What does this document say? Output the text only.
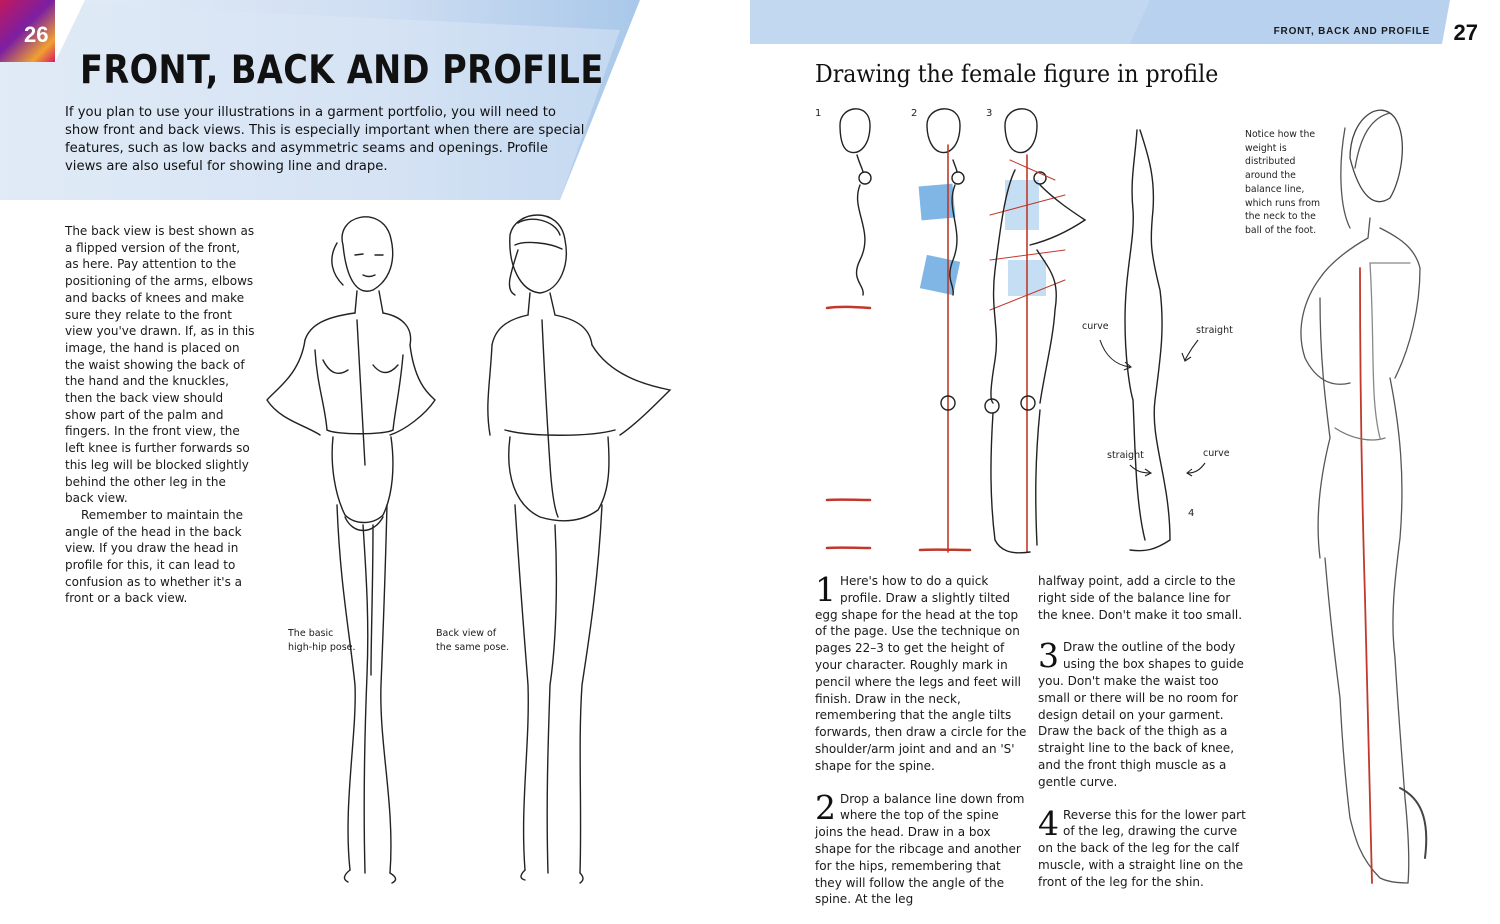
26
FRONT, BACK AND PROFILE
If you plan to use your illustrations in a garment portfolio, you will need to show front and back views. This is especially important when there are special features, such as low backs and asymmetric seams and openings. Profile views are also useful for showing line and drape.
FRONT, BACK AND PROFILE 27

The back view is best shown as a flipped version of the front, as here. Pay attention to the positioning of the arms, elbows and backs of knees and make sure they relate to the front view you've drawn. If, as in this image, the hand is placed on the waist showing the back of the hand and the knuckles, then the back view should show part of the palm and fingers. In the front view, the left knee is further forwards so this leg will be blocked slightly behind the other leg in the back view.

Remember to maintain the angle of the head in the back view. If you draw the head in profile for this, it can lead to confusion as to whether it's a front or a back view.

The basic
high-hip pose.
Back view of
the same pose.
Drawing the female figure in profile
1	2	3
4
Notice how the weight is distributed around the balance line, which runs from the neck to the ball of the foot.
curve	straight
straight	curve

1 Here's how to do a quick profile. Draw a slightly tilted egg shape for the head at the top of the page. Use the technique on pages 22–3 to get the height of your character. Roughly mark in pencil where the legs and feet will finish. Draw in the neck, remembering that the angle tilts forwards, then draw a circle for the shoulder/arm joint and and an 'S' shape for the spine.

2 Drop a balance line down from where the top of the spine joins the head. Draw in a box shape for the ribcage and another for the hips, remembering that they will follow the angle of the spine. At the leg

halfway point, add a circle to the right side of the balance line for the knee. Don't make it too small.

3 Draw the outline of the body using the box shapes to guide you. Don't make the waist too small or there will be no room for design detail on your garment. Draw the back of the thigh as a straight line to the back of knee, and the front thigh muscle as a gentle curve.

4 Reverse this for the lower part of the leg, drawing the curve on the back of the leg for the calf muscle, with a straight line on the front of the leg for the shin.
